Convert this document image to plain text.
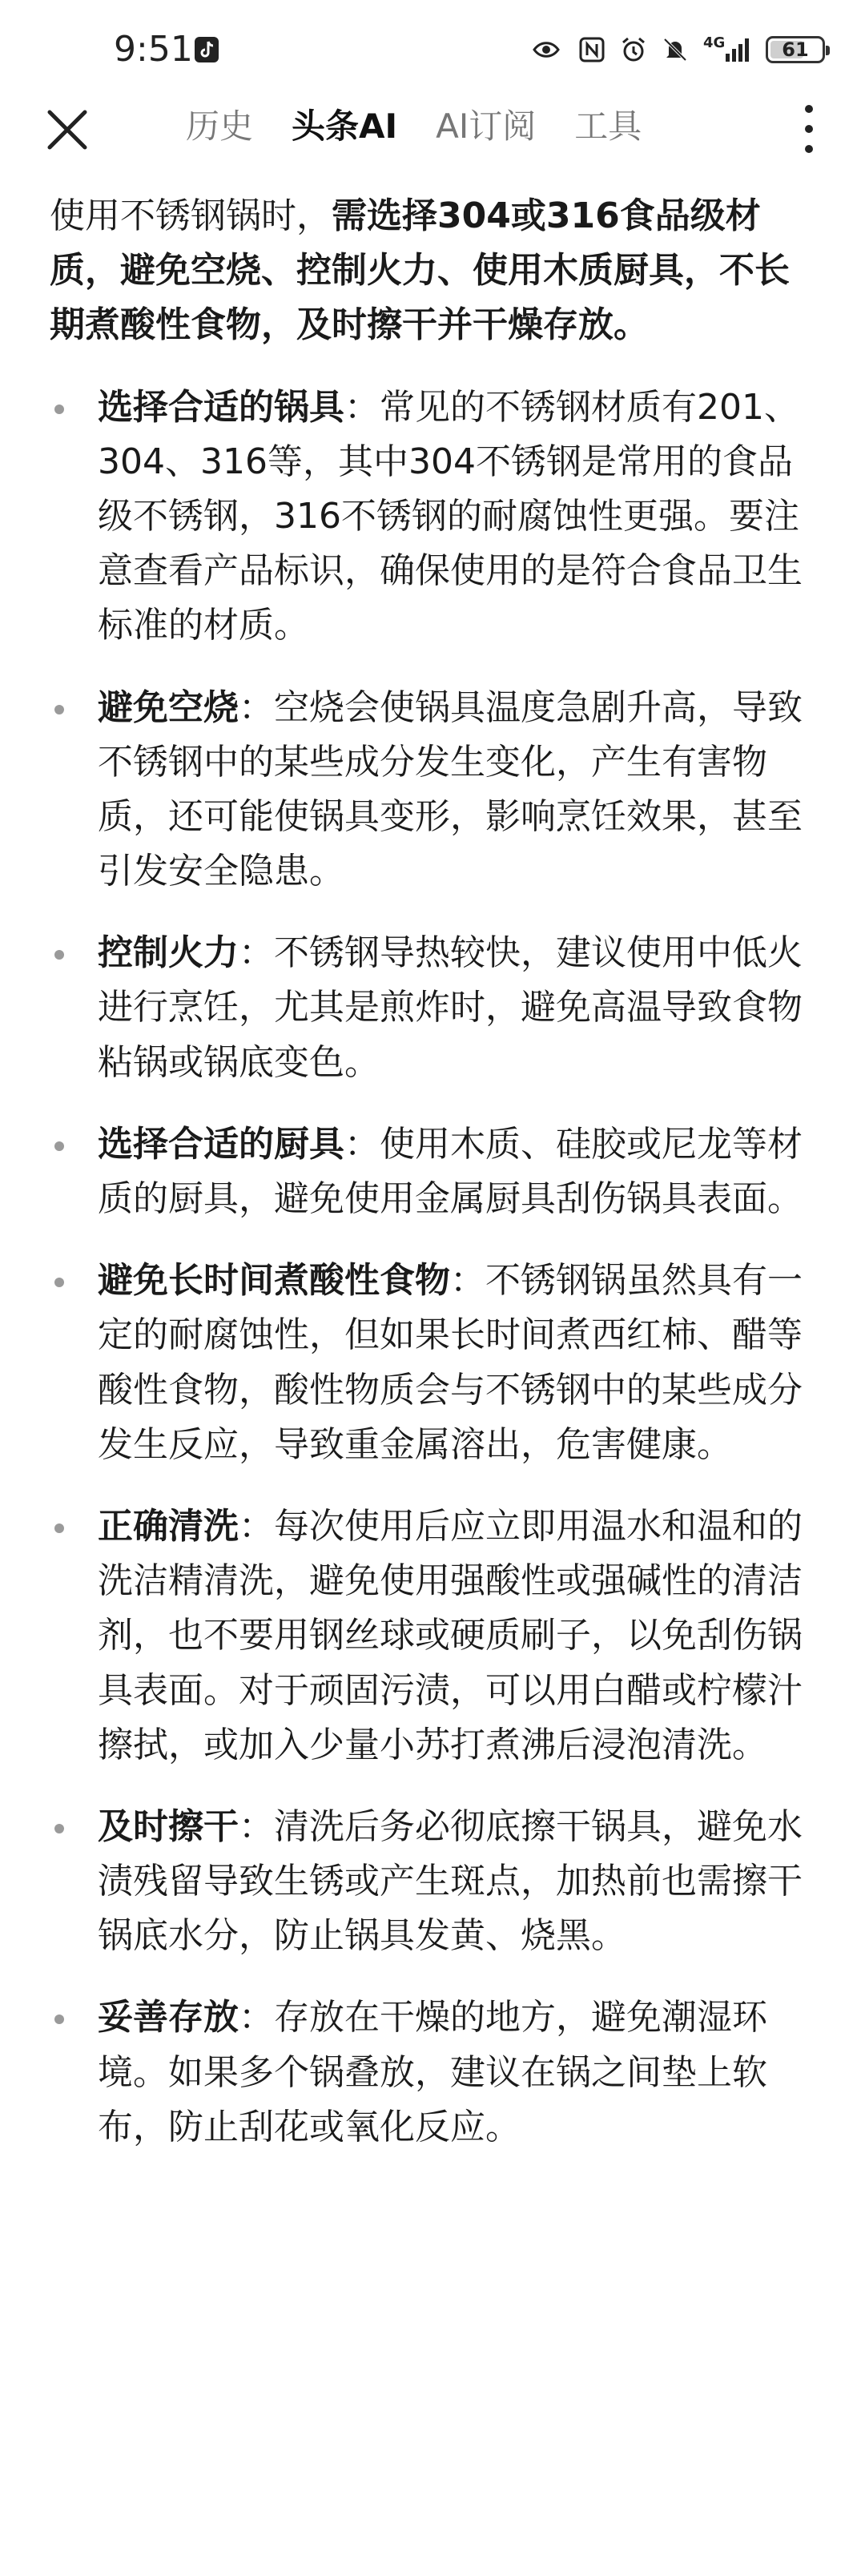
9:51	4G	61
历史 头条AI AI订阅 工具

使用不锈钢锅时，需选择304或316食品级材质，避免空烧、控制火力、使用木质厨具，不长期煮酸性食物，及时擦干并干燥存放。

选择合适的锅具：常见的不锈钢材质有201、304、316等，其中304不锈钢是常用的食品级不锈钢，316不锈钢的耐腐蚀性更强。要注意查看产品标识，确保使用的是符合食品卫生标准的材质。
避免空烧：空烧会使锅具温度急剧升高，导致不锈钢中的某些成分发生变化，产生有害物质，还可能使锅具变形，影响烹饪效果，甚至引发安全隐患。
控制火力：不锈钢导热较快，建议使用中低火进行烹饪，尤其是煎炸时，避免高温导致食物粘锅或锅底变色。
选择合适的厨具：使用木质、硅胶或尼龙等材质的厨具，避免使用金属厨具刮伤锅具表面。
避免长时间煮酸性食物：不锈钢锅虽然具有一定的耐腐蚀性，但如果长时间煮西红柿、醋等酸性食物，酸性物质会与不锈钢中的某些成分发生反应，导致重金属溶出，危害健康。
正确清洗：每次使用后应立即用温水和温和的洗洁精清洗，避免使用强酸性或强碱性的清洁剂，也不要用钢丝球或硬质刷子，以免刮伤锅具表面。对于顽固污渍，可以用白醋或柠檬汁擦拭，或加入少量小苏打煮沸后浸泡清洗。
及时擦干：清洗后务必彻底擦干锅具，避免水渍残留导致生锈或产生斑点，加热前也需擦干锅底水分，防止锅具发黄、烧黑。
妥善存放：存放在干燥的地方，避免潮湿环境。如果多个锅叠放，建议在锅之间垫上软布，防止刮花或氧化反应。
